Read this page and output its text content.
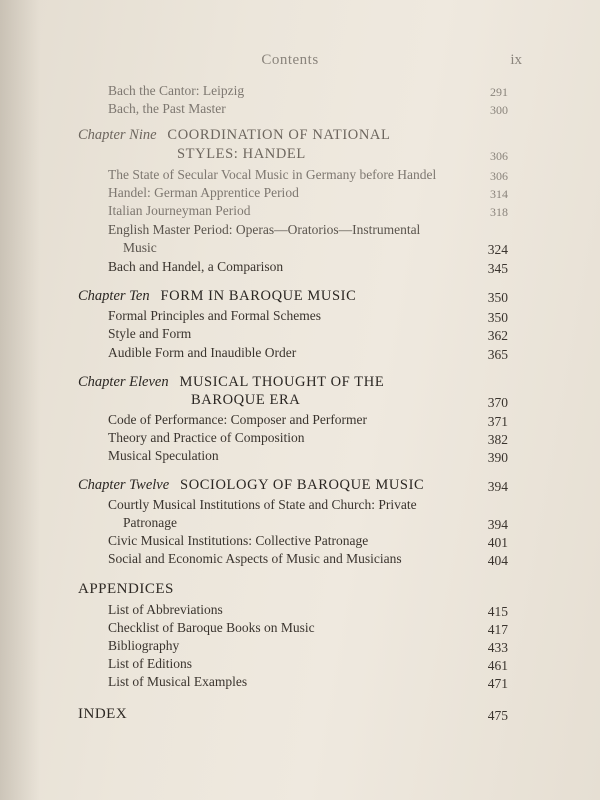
Contents	ix
Bach the Cantor: Leipzig	291
Bach, the Past Master	300
Chapter Nine COORDINATION OF NATIONAL
STYLES: HANDEL	306
The State of Secular Vocal Music in Germany before Handel	306
Handel: German Apprentice Period	314
Italian Journeyman Period	318
English Master Period: Operas—Oratorios—Instrumental
Music	324
Bach and Handel, a Comparison	345
Chapter Ten FORM IN BAROQUE MUSIC	350
Formal Principles and Formal Schemes	350
Style and Form	362
Audible Form and Inaudible Order	365
Chapter Eleven MUSICAL THOUGHT OF THE
BAROQUE ERA	370
Code of Performance: Composer and Performer	371
Theory and Practice of Composition	382
Musical Speculation	390
Chapter Twelve SOCIOLOGY OF BAROQUE MUSIC	394
Courtly Musical Institutions of State and Church: Private
Patronage	394
Civic Musical Institutions: Collective Patronage	401
Social and Economic Aspects of Music and Musicians	404
APPENDICES
List of Abbreviations	415
Checklist of Baroque Books on Music	417
Bibliography	433
List of Editions	461
List of Musical Examples	471
INDEX	475
